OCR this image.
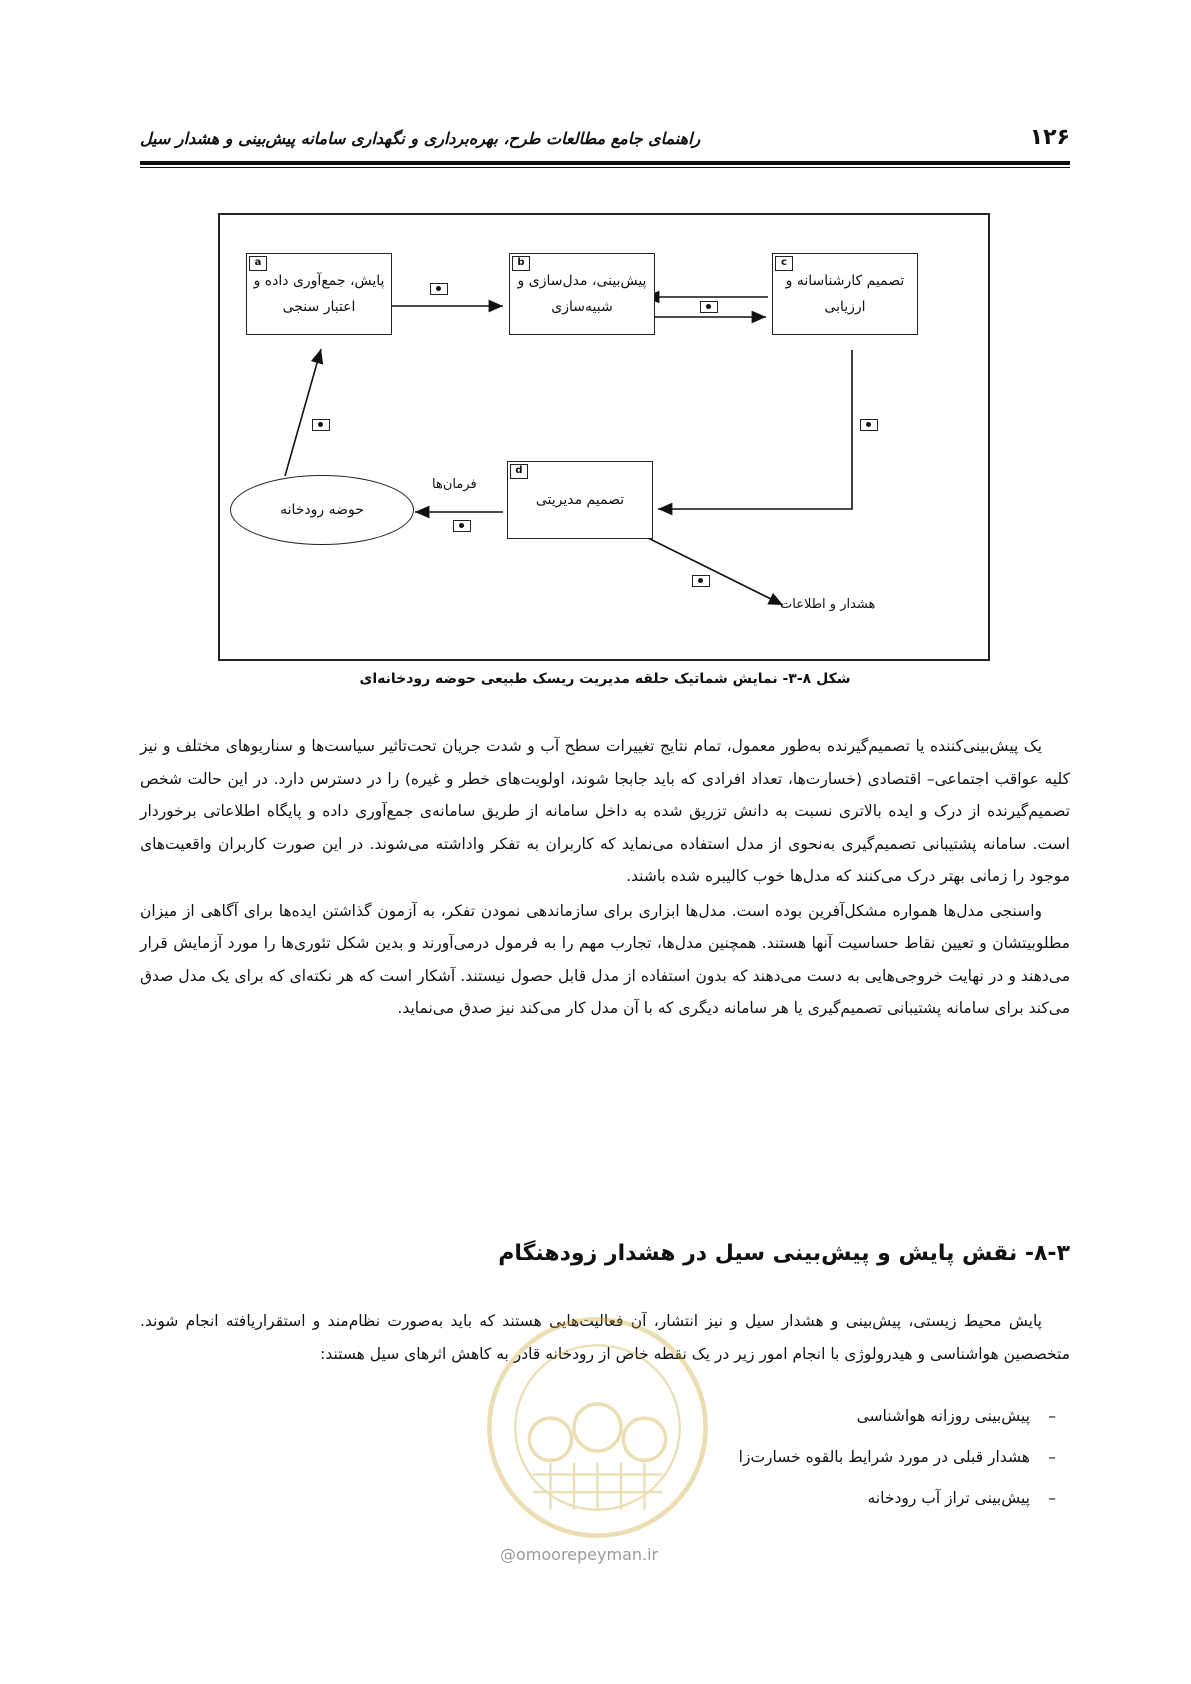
۱۲۶
راهنمای جامع مطالعات طرح، بهره‌برداری و نگهداری سامانه پیش‌بینی و هشدار سیل
a
پایش، جمع‌آوری داده و اعتبار سنجی
b
پیش‌بینی، مدل‌سازی و شبیه‌سازی
c
تصمیم کارشناسانه و ارزیابی
d
تصمیم مدیریتی
حوضه رودخانه
فرمان‌ها
هشدار و اطلاعات
شکل ۸-۳- نمایش شماتیک حلقه مدیریت ریسک طبیعی حوضه رودخانه‌ای

یک پیش‌بینی‌کننده یا تصمیم‌گیرنده به‌طور معمول، تمام نتایج تغییرات سطح آب و شدت جریان تحت‌تاثیر سیاست‌ها و سناریوهای مختلف و نیز کلیه عواقب اجتماعی– اقتصادی (خسارت‌ها، تعداد افرادی که باید جابجا شوند، اولویت‌های خطر و غیره) را در دسترس دارد. در این حالت شخص تصمیم‌گیرنده از درک و ایده بالاتری نسبت به دانش تزریق شده به داخل سامانه از طریق سامانه‌ی جمع‌آوری داده و پایگاه اطلاعاتی برخوردار است. سامانه پشتیبانی تصمیم‌گیری به‌نحوی از مدل استفاده می‌نماید که کاربران به تفکر واداشته می‌شوند. در این صورت کاربران واقعیت‌های موجود را زمانی بهتر درک می‌کنند که مدل‌ها خوب کالیبره شده باشند.

واسنجی مدل‌ها همواره مشکل‌آفرین بوده است. مدل‌ها ابزاری برای سازماندهی نمودن تفکر، به آزمون گذاشتن ایده‌ها برای آگاهی از میزان مطلوبیتشان و تعیین نقاط حساسیت آنها هستند. همچنین مدل‌ها، تجارب مهم را به فرمول درمی‌آورند و بدین شکل تئوری‌ها را مورد آزمایش قرار می‌دهند و در نهایت خروجی‌هایی به دست می‌دهند که بدون استفاده از مدل قابل حصول نیستند. آشکار است که هر نکته‌ای که برای یک مدل صدق می‌کند برای سامانه پشتیبانی تصمیم‌گیری یا هر سامانه دیگری که با آن مدل کار می‌کند نیز صدق می‌نماید.

۸-۳- نقش پایش و پیش‌بینی سیل در هشدار زودهنگام

پایش محیط زیستی، پیش‌بینی و هشدار سیل و نیز انتشار، آن فعالیت‌هایی هستند که باید به‌صورت نظام‌مند و استقراریافته انجام شوند. متخصصین هواشناسی و هیدرولوژی با انجام امور زیر در یک نقطه خاص از رودخانه قادر به کاهش اثرهای سیل هستند:

– پیش‌بینی روزانه هواشناسی
– هشدار قبلی در مورد شرایط بالقوه خسارت‌زا
– پیش‌بینی تراز آب رودخانه
@omoorepeyman.ir
